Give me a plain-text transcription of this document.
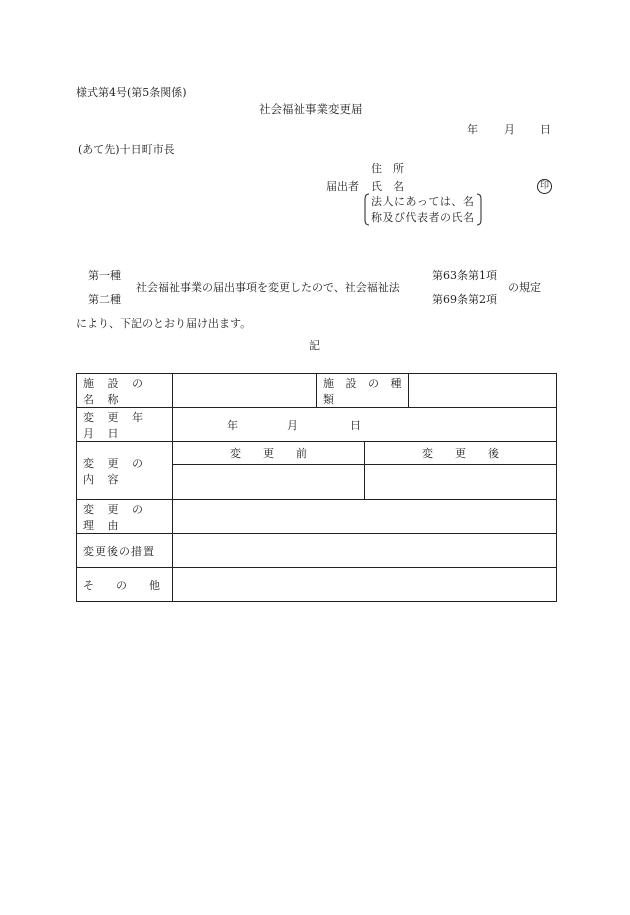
様式第4号(第5条関係)
社会福祉事業変更届
年 月 日
(あて先)十日町市長
住　所
届出者 氏　名	印
法人にあっては、名
称及び代表者の氏名
第一種
第二種
社会福祉事業の届出事項を変更したので、社会福祉法
第63条第1項
第69条第2項
の規定
により、下記のとおり届け出ます。
記
施 設 の 名 称		施 設 の 種 類		
変 更 年 月 日	年 月 日			
変 更 の 内 容	変　　更　　前		変　　更　　後	

変 更 の 理 由				
変更後の措置				
そ　　の　　他				
